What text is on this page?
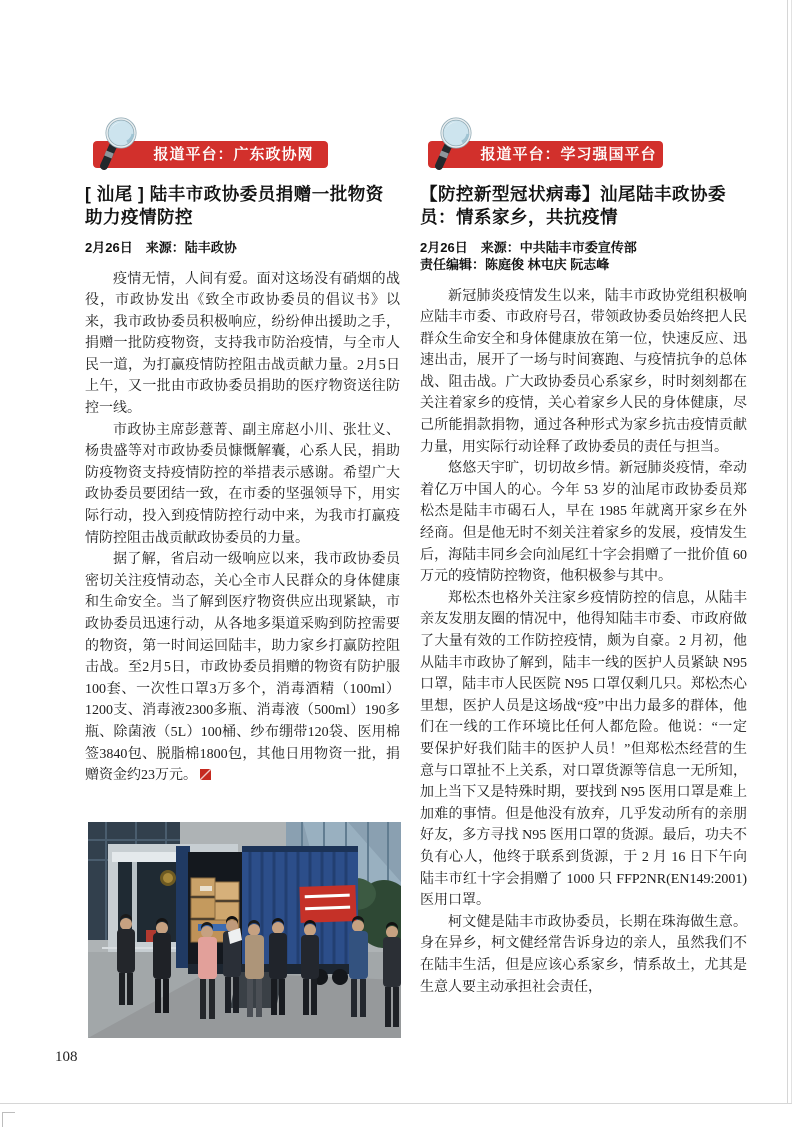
报道平台：广东政协网
[ 汕尾 ] 陆丰市政协委员捐赠一批物资助力疫情防控
2月26日　来源：陆丰政协

疫情无情，人间有爱。面对这场没有硝烟的战役，市政协发出《致全市政协委员的倡议书》以来，我市政协委员积极响应，纷纷伸出援助之手，捐赠一批防疫物资，支持我市防治疫情，与全市人民一道，为打赢疫情防控阻击战贡献力量。2月5日上午，又一批由市政协委员捐助的医疗物资送往防控一线。

市政协主席彭薏菁、副主席赵小川、张壮义、杨贵盛等对市政协委员慷慨解囊，心系人民，捐助防疫物资支持疫情防控的举措表示感谢。希望广大政协委员要团结一致，在市委的坚强领导下，用实际行动，投入到疫情防控行动中来，为我市打赢疫情防控阻击战贡献政协委员的力量。

据了解，省启动一级响应以来，我市政协委员密切关注疫情动态，关心全市人民群众的身体健康和生命安全。当了解到医疗物资供应出现紧缺，市政协委员迅速行动，从各地多渠道采购到防控需要的物资，第一时间运回陆丰，助力家乡打赢防控阻击战。至2月5日，市政协委员捐赠的物资有防护服100套、一次性口罩3万多个，消毒酒精（100ml）1200支、消毒液2300多瓶、消毒液（500ml）190多瓶、除菌液（5L）100桶、纱布绷带120袋、医用棉签3840包、脱脂棉1800包，其他日用物资一批，捐赠资金约23万元。

报道平台：学习强国平台
【防控新型冠状病毒】汕尾陆丰政协委员：情系家乡，共抗疫情
2月26日　来源：中共陆丰市委宣传部
责任编辑：陈庭俊 林屯庆 阮志峰

新冠肺炎疫情发生以来，陆丰市政协党组积极响应陆丰市委、市政府号召，带领政协委员始终把人民群众生命安全和身体健康放在第一位，快速反应、迅速出击，展开了一场与时间赛跑、与疫情抗争的总体战、阻击战。广大政协委员心系家乡，时时刻刻都在关注着家乡的疫情，关心着家乡人民的身体健康，尽己所能捐款捐物，通过各种形式为家乡抗击疫情贡献力量，用实际行动诠释了政协委员的责任与担当。

悠悠天宇旷，切切故乡情。新冠肺炎疫情，牵动着亿万中国人的心。今年 53 岁的汕尾市政协委员郑松杰是陆丰市碣石人，早在 1985 年就离开家乡在外经商。但是他无时不刻关注着家乡的发展，疫情发生后，海陆丰同乡会向汕尾红十字会捐赠了一批价值 60 万元的疫情防控物资，他积极参与其中。

郑松杰也格外关注家乡疫情防控的信息，从陆丰亲友发朋友圈的情况中，他得知陆丰市委、市政府做了大量有效的工作防控疫情，颇为自豪。2 月初，他从陆丰市政协了解到，陆丰一线的医护人员紧缺 N95 口罩，陆丰市人民医院 N95 口罩仅剩几只。郑松杰心里想，医护人员是这场战“疫”中出力最多的群体，他们在一线的工作环境比任何人都危险。他说：“一定要保护好我们陆丰的医护人员！”但郑松杰经营的生意与口罩扯不上关系，对口罩货源等信息一无所知，加上当下又是特殊时期，要找到 N95 医用口罩是难上加难的事情。但是他没有放弃，几乎发动所有的亲朋好友，多方寻找 N95 医用口罩的货源。最后，功夫不负有心人，他终于联系到货源，于 2 月 16 日下午向陆丰市红十字会捐赠了 1000 只 FFP2NR(EN149:2001) 医用口罩。

柯文健是陆丰市政协委员，长期在珠海做生意。身在异乡，柯文健经常告诉身边的亲人，虽然我们不在陆丰生活，但是应该心系家乡，情系故土，尤其是生意人要主动承担社会责任，

108
